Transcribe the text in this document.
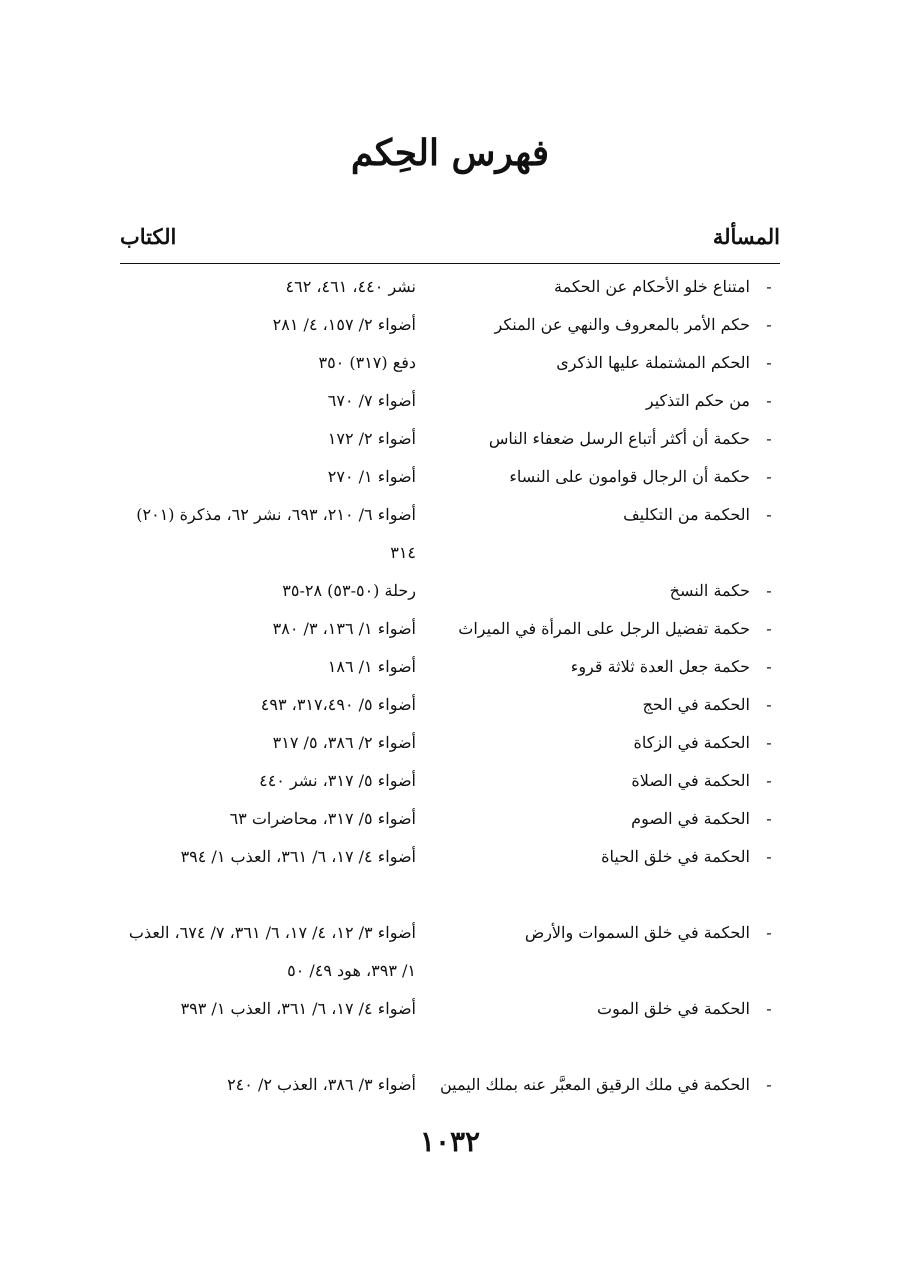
فهرس الحِكم
المسألة
الكتاب
-امتناع خلو الأحكام عن الحكمة
نشر ٤٤٠، ٤٦١، ٤٦٢
-حكم الأمر بالمعروف والنهي عن المنكر
أضواء ٢/ ١٥٧، ٤/ ٢٨١
-الحكم المشتملة عليها الذكرى
دفع (٣١٧) ٣٥٠
-من حكم التذكير
أضواء ٧/ ٦٧٠
-حكمة أن أكثر أتباع الرسل ضعفاء الناس
أضواء ٢/ ١٧٢
-حكمة أن الرجال قوامون على النساء
أضواء ١/ ٢٧٠
-الحكمة من التكليف
أضواء ٦/ ٢١٠، ٦٩٣، نشر ٦٢، مذكرة (٢٠١) ٣١٤
-حكمة النسخ
رحلة (٥٠-٥٣) ٢٨-٣٥
-حكمة تفضيل الرجل على المرأة في الميراث
أضواء ١/ ١٣٦، ٣/ ٣٨٠
-حكمة جعل العدة ثلاثة قروء
أضواء ١/ ١٨٦
-الحكمة في الحج
أضواء ٥/ ٣١٧،٤٩٠، ٤٩٣
-الحكمة في الزكاة
أضواء ٢/ ٣٨٦، ٥/ ٣١٧
-الحكمة في الصلاة
أضواء ٥/ ٣١٧، نشر ٤٤٠
-الحكمة في الصوم
أضواء ٥/ ٣١٧، محاضرات ٦٣
-الحكمة في خلق الحياة
أضواء ٤/ ١٧، ٦/ ٣٦١، العذب ١/ ٣٩٤
-الحكمة في خلق السموات والأرض
أضواء ٣/ ١٢، ٤/ ١٧، ٦/ ٣٦١، ٧/ ٦٧٤، العذب ١/ ٣٩٣، هود ٤٩/ ٥٠
-الحكمة في خلق الموت
أضواء ٤/ ١٧، ٦/ ٣٦١، العذب ١/ ٣٩٣
-الحكمة في ملك الرقيق المعبَّر عنه بملك اليمين
أضواء ٣/ ٣٨٦، العذب ٢/ ٢٤٠
١٠٣٢
